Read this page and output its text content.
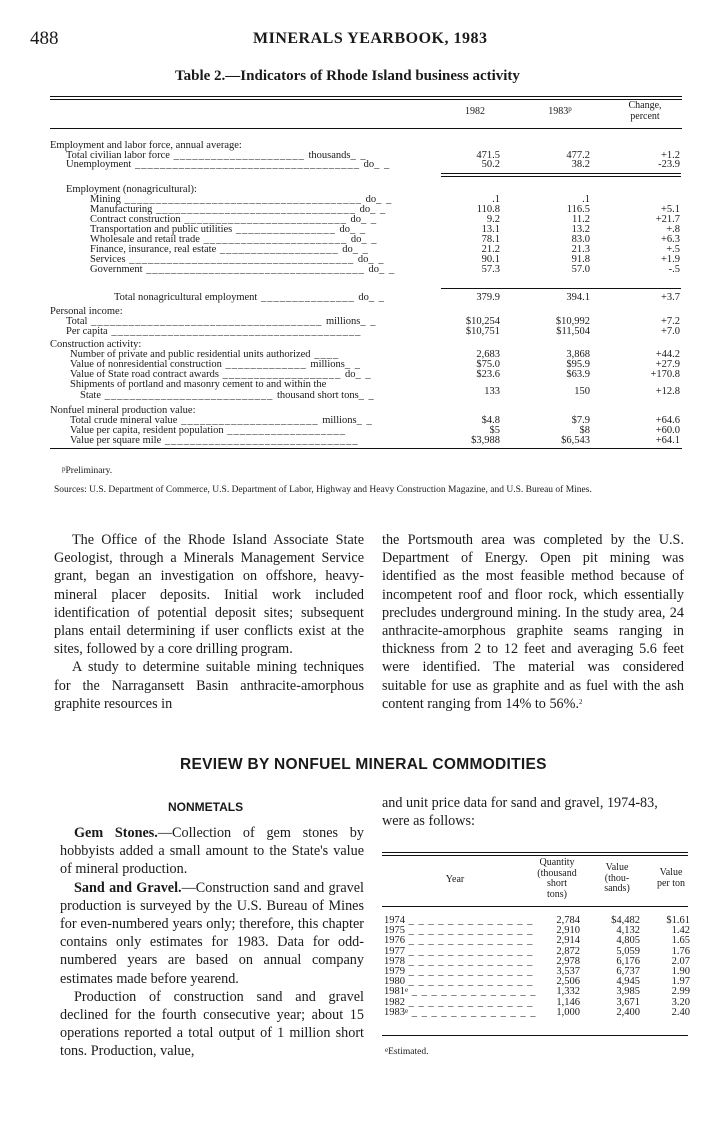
488	MINERALS YEARBOOK, 1983
Table 2.—Indicators of Rhode Island business activity
1982	1983$^p$	Change,
percent
Employment and labor force, annual average:
Total civilian labor force _____________________ thousands_ _	471.5	477.2	+1.2
Unemployment ____________________________________ do_ _	50.2	38.2	-23.9
Employment (nonagricultural):
Mining ______________________________________ do_ _	.1	.1
Manufacturing ________________________________ do_ _	110.8	116.5	+5.1
Contract construction __________________________ do_ _	9.2	11.2	+21.7
Transportation and public utilities ________________ do_ _	13.1	13.2	+.8
Wholesale and retail trade _______________________ do_ _	78.1	83.0	+6.3
Finance, insurance, real estate ___________________ do_ _	21.2	21.3	+.5
Services ____________________________________ do_ _	90.1	91.8	+1.9
Government ___________________________________ do_ _	57.3	57.0	-.5
Total nonagricultural employment _______________ do_ _	379.9	394.1	+3.7
Personal income:
Total _____________________________________ millions_ _	$10,254	$10,992	+7.2
Per capita ________________________________________	$10,751	$11,504	+7.0
Construction activity:
Number of private and public residential units authorized ____	2,683	3,868	+44.2
Value of nonresidential construction _____________ millions_ _	$75.0	$95.9	+27.9
Value of State road contract awards ___________________ do_ _	$23.6	$63.9	+170.8
Shipments of portland and masonry cement to and within the
State ___________________________ thousand short tons_ _	133	150	+12.8
Nonfuel mineral production value:
Total crude mineral value ______________________ millions_ _	$4.8	$7.9	+64.6
Value per capita, resident population ___________________	$5	$8	+60.0
Value per square mile _______________________________	$3,988	$6,543	+64.1
$^p$Preliminary.
Sources: U.S. Department of Commerce, U.S. Department of Labor, Highway and Heavy Construction Magazine, and U.S. Bureau of Mines.

The Office of the Rhode Island Associate State Geologist, through a Minerals Management Service grant, began an investigation on offshore, heavy-mineral placer deposits. Initial work included identification of potential deposit sites; subsequent plans entail determining if user conflicts exist at the sites, followed by a core drilling program.

A study to determine suitable mining techniques for the Narragansett Basin anthracite-amorphous graphite resources in

the Portsmouth area was completed by the U.S. Department of Energy. Open pit mining was identified as the most feasible method because of incompetent roof and floor rock, which essentially precludes underground mining. In the study area, 24 anthracite-amorphous graphite seams ranging in thickness from 2 to 12 feet and averaging 5.6 feet were identified. The material was considered suitable for use as graphite and as fuel with the ash content ranging from 14% to 56%.$^2$

REVIEW BY NONFUEL MINERAL COMMODITIES
NONMETALS

Gem Stones.—Collection of gem stones by hobbyists added a small amount to the State's value of mineral production.

Sand and Gravel.—Construction sand and gravel production is surveyed by the U.S. Bureau of Mines for even-numbered years only; therefore, this chapter contains only estimates for 1983. Data for odd-numbered years are based on annual company estimates made before yearend.

Production of construction sand and gravel declined for the fourth consecutive year; about 15 operations reported a total output of 1 million short tons. Production, value,

and unit price data for sand and gravel, 1974-83, were as follows:
Year
Quantity
(thousand
short
tons)
Value
(thou-
sands)
Value
per ton
1974 _ _ _ _ _ _ _ _ _ _ _ _ _	2,784	$4,482	$1.61
1975 _ _ _ _ _ _ _ _ _ _ _ _ _	2,910	4,132	1.42
1976 _ _ _ _ _ _ _ _ _ _ _ _ _	2,914	4,805	1.65
1977 _ _ _ _ _ _ _ _ _ _ _ _ _	2,872	5,059	1.76
1978 _ _ _ _ _ _ _ _ _ _ _ _ _	2,978	6,176	2.07
1979 _ _ _ _ _ _ _ _ _ _ _ _ _	3,537	6,737	1.90
1980 _ _ _ _ _ _ _ _ _ _ _ _ _	2,506	4,945	1.97
1981e _ _ _ _ _ _ _ _ _ _ _ _ _	1,332	3,985	2.99
1982 _ _ _ _ _ _ _ _ _ _ _ _ _	1,146	3,671	3.20
1983e _ _ _ _ _ _ _ _ _ _ _ _ _	1,000	2,400	2.40
$^e$Estimated.
